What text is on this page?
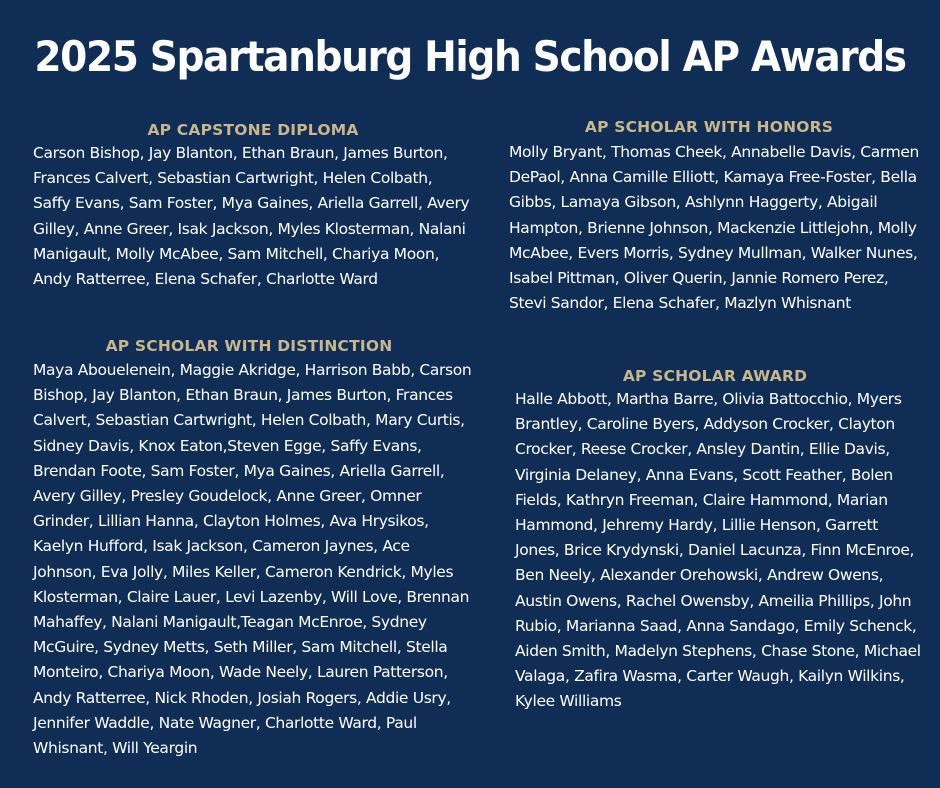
2025 Spartanburg High School AP Awards
AP CAPSTONE DIPLOMA

Carson Bishop, Jay Blanton, Ethan Braun, James Burton, Frances Calvert, Sebastian Cartwright, Helen Colbath, Saffy Evans, Sam Foster, Mya Gaines, Ariella Garrell, Avery Gilley, Anne Greer, Isak Jackson, Myles Klosterman, Nalani Manigault, Molly McAbee, Sam Mitchell, Chariya Moon, Andy Ratterree, Elena Schafer, Charlotte Ward

AP SCHOLAR WITH DISTINCTION

Maya Abouelenein, Maggie Akridge, Harrison Babb, Carson Bishop, Jay Blanton, Ethan Braun, James Burton, Frances Calvert, Sebastian Cartwright, Helen Colbath, Mary Curtis, Sidney Davis, Knox Eaton,Steven Egge, Saffy Evans, Brendan Foote, Sam Foster, Mya Gaines, Ariella Garrell, Avery Gilley, Presley Goudelock, Anne Greer, Omner Grinder, Lillian Hanna, Clayton Holmes, Ava Hrysikos, Kaelyn Hufford, Isak Jackson, Cameron Jaynes, Ace Johnson, Eva Jolly, Miles Keller, Cameron Kendrick, Myles Klosterman, Claire Lauer, Levi Lazenby, Will Love, Brennan Mahaffey, Nalani Manigault,Teagan McEnroe, Sydney McGuire, Sydney Metts, Seth Miller, Sam Mitchell, Stella Monteiro, Chariya Moon, Wade Neely, Lauren Patterson, Andy Ratterree, Nick Rhoden, Josiah Rogers, Addie Usry, Jennifer Waddle, Nate Wagner, Charlotte Ward, Paul Whisnant, Will Yeargin

AP SCHOLAR WITH HONORS

Molly Bryant, Thomas Cheek, Annabelle Davis, Carmen DePaol, Anna Camille Elliott, Kamaya Free-Foster, Bella Gibbs, Lamaya Gibson, Ashlynn Haggerty, Abigail Hampton, Brienne Johnson, Mackenzie Littlejohn, Molly McAbee, Evers Morris, Sydney Mullman, Walker Nunes, Isabel Pittman, Oliver Querin, Jannie Romero Perez, Stevi Sandor, Elena Schafer, Mazlyn Whisnant

AP SCHOLAR AWARD

Halle Abbott, Martha Barre, Olivia Battocchio, Myers Brantley, Caroline Byers, Addyson Crocker, Clayton Crocker, Reese Crocker, Ansley Dantin, Ellie Davis, Virginia Delaney, Anna Evans, Scott Feather, Bolen Fields, Kathryn Freeman, Claire Hammond, Marian Hammond, Jehremy Hardy, Lillie Henson, Garrett Jones, Brice Krydynski, Daniel Lacunza, Finn McEnroe, Ben Neely, Alexander Orehowski, Andrew Owens, Austin Owens, Rachel Owensby, Ameilia Phillips, John Rubio, Marianna Saad, Anna Sandago, Emily Schenck, Aiden Smith, Madelyn Stephens, Chase Stone, Michael Valaga, Zafira Wasma, Carter Waugh, Kailyn Wilkins, Kylee Williams
